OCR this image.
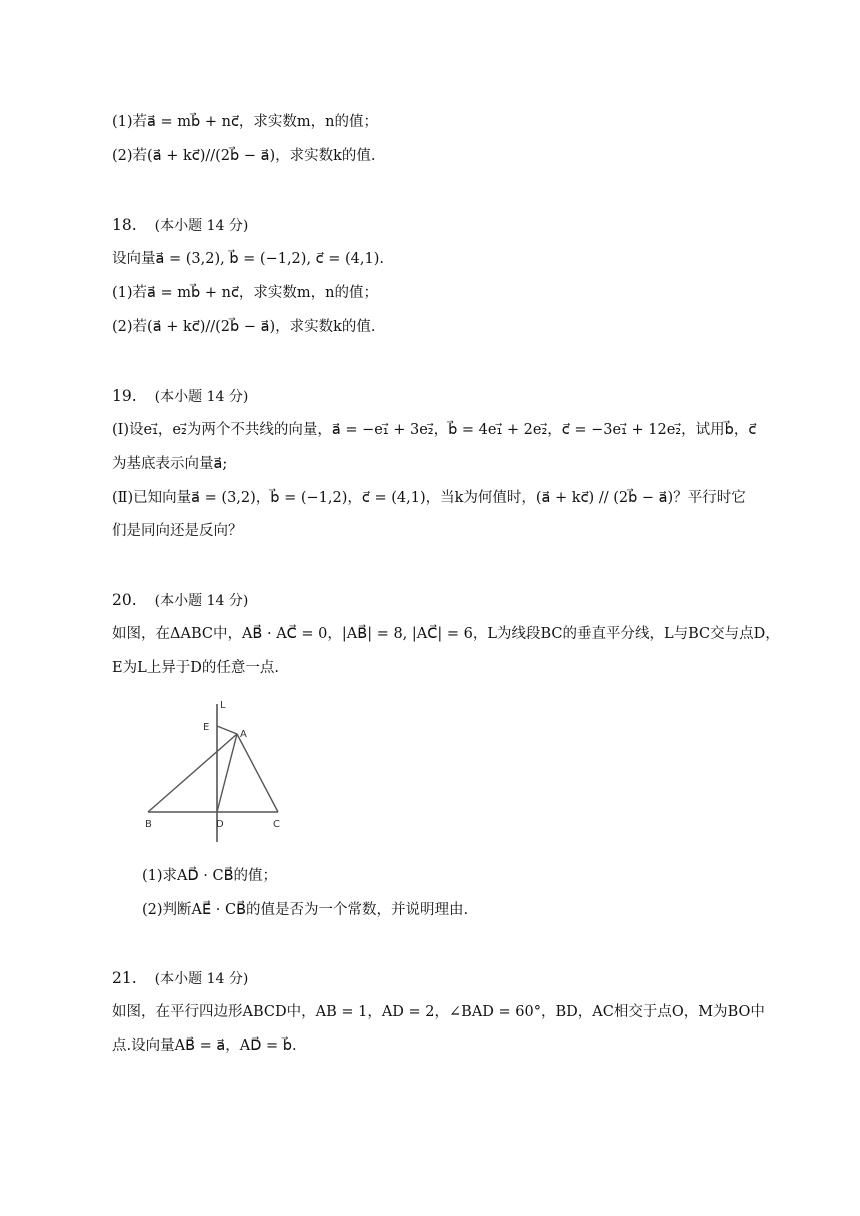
(1)若a⃗ = mb⃗ + nc⃗，求实数m，n的值；
(2)若(a⃗ + kc⃗)//(2b⃗ − a⃗)，求实数k的值.
18. (本小题 14 分)
设向量a⃗ = (3,2), b⃗ = (−1,2), c⃗ = (4,1).
(1)若a⃗ = mb⃗ + nc⃗，求实数m，n的值；
(2)若(a⃗ + kc⃗)//(2b⃗ − a⃗)，求实数k的值.
19. (本小题 14 分)
(Ⅰ)设e₁⃗，e₂⃗为两个不共线的向量，a⃗ = −e₁⃗ + 3e₂⃗，b⃗ = 4e₁⃗ + 2e₂⃗，c⃗ = −3e₁⃗ + 12e₂⃗，试用b⃗，c⃗
为基底表示向量a⃗;
(Ⅱ)已知向量a⃗ = (3,2)，b⃗ = (−1,2)，c⃗ = (4,1)，当k为何值时，(a⃗ + kc⃗) // (2b⃗ − a⃗)？平行时它
们是同向还是反向？
20. (本小题 14 分)
如图，在ΔABC中，AB⃗ · AC⃗ = 0，|AB⃗| = 8, |AC⃗| = 6，L为线段BC的垂直平分线，L与BC交与点D，
E为L上异于D的任意一点.
L
E
A
B	D	C
(1)求AD⃗ · CB⃗的值；
(2)判断AE⃗ · CB⃗的值是否为一个常数，并说明理由.
21. (本小题 14 分)
如图，在平行四边形ABCD中，AB = 1，AD = 2，∠BAD = 60°，BD，AC相交于点O，M为BO中
点.设向量AB⃗ = a⃗，AD⃗ = b⃗.
